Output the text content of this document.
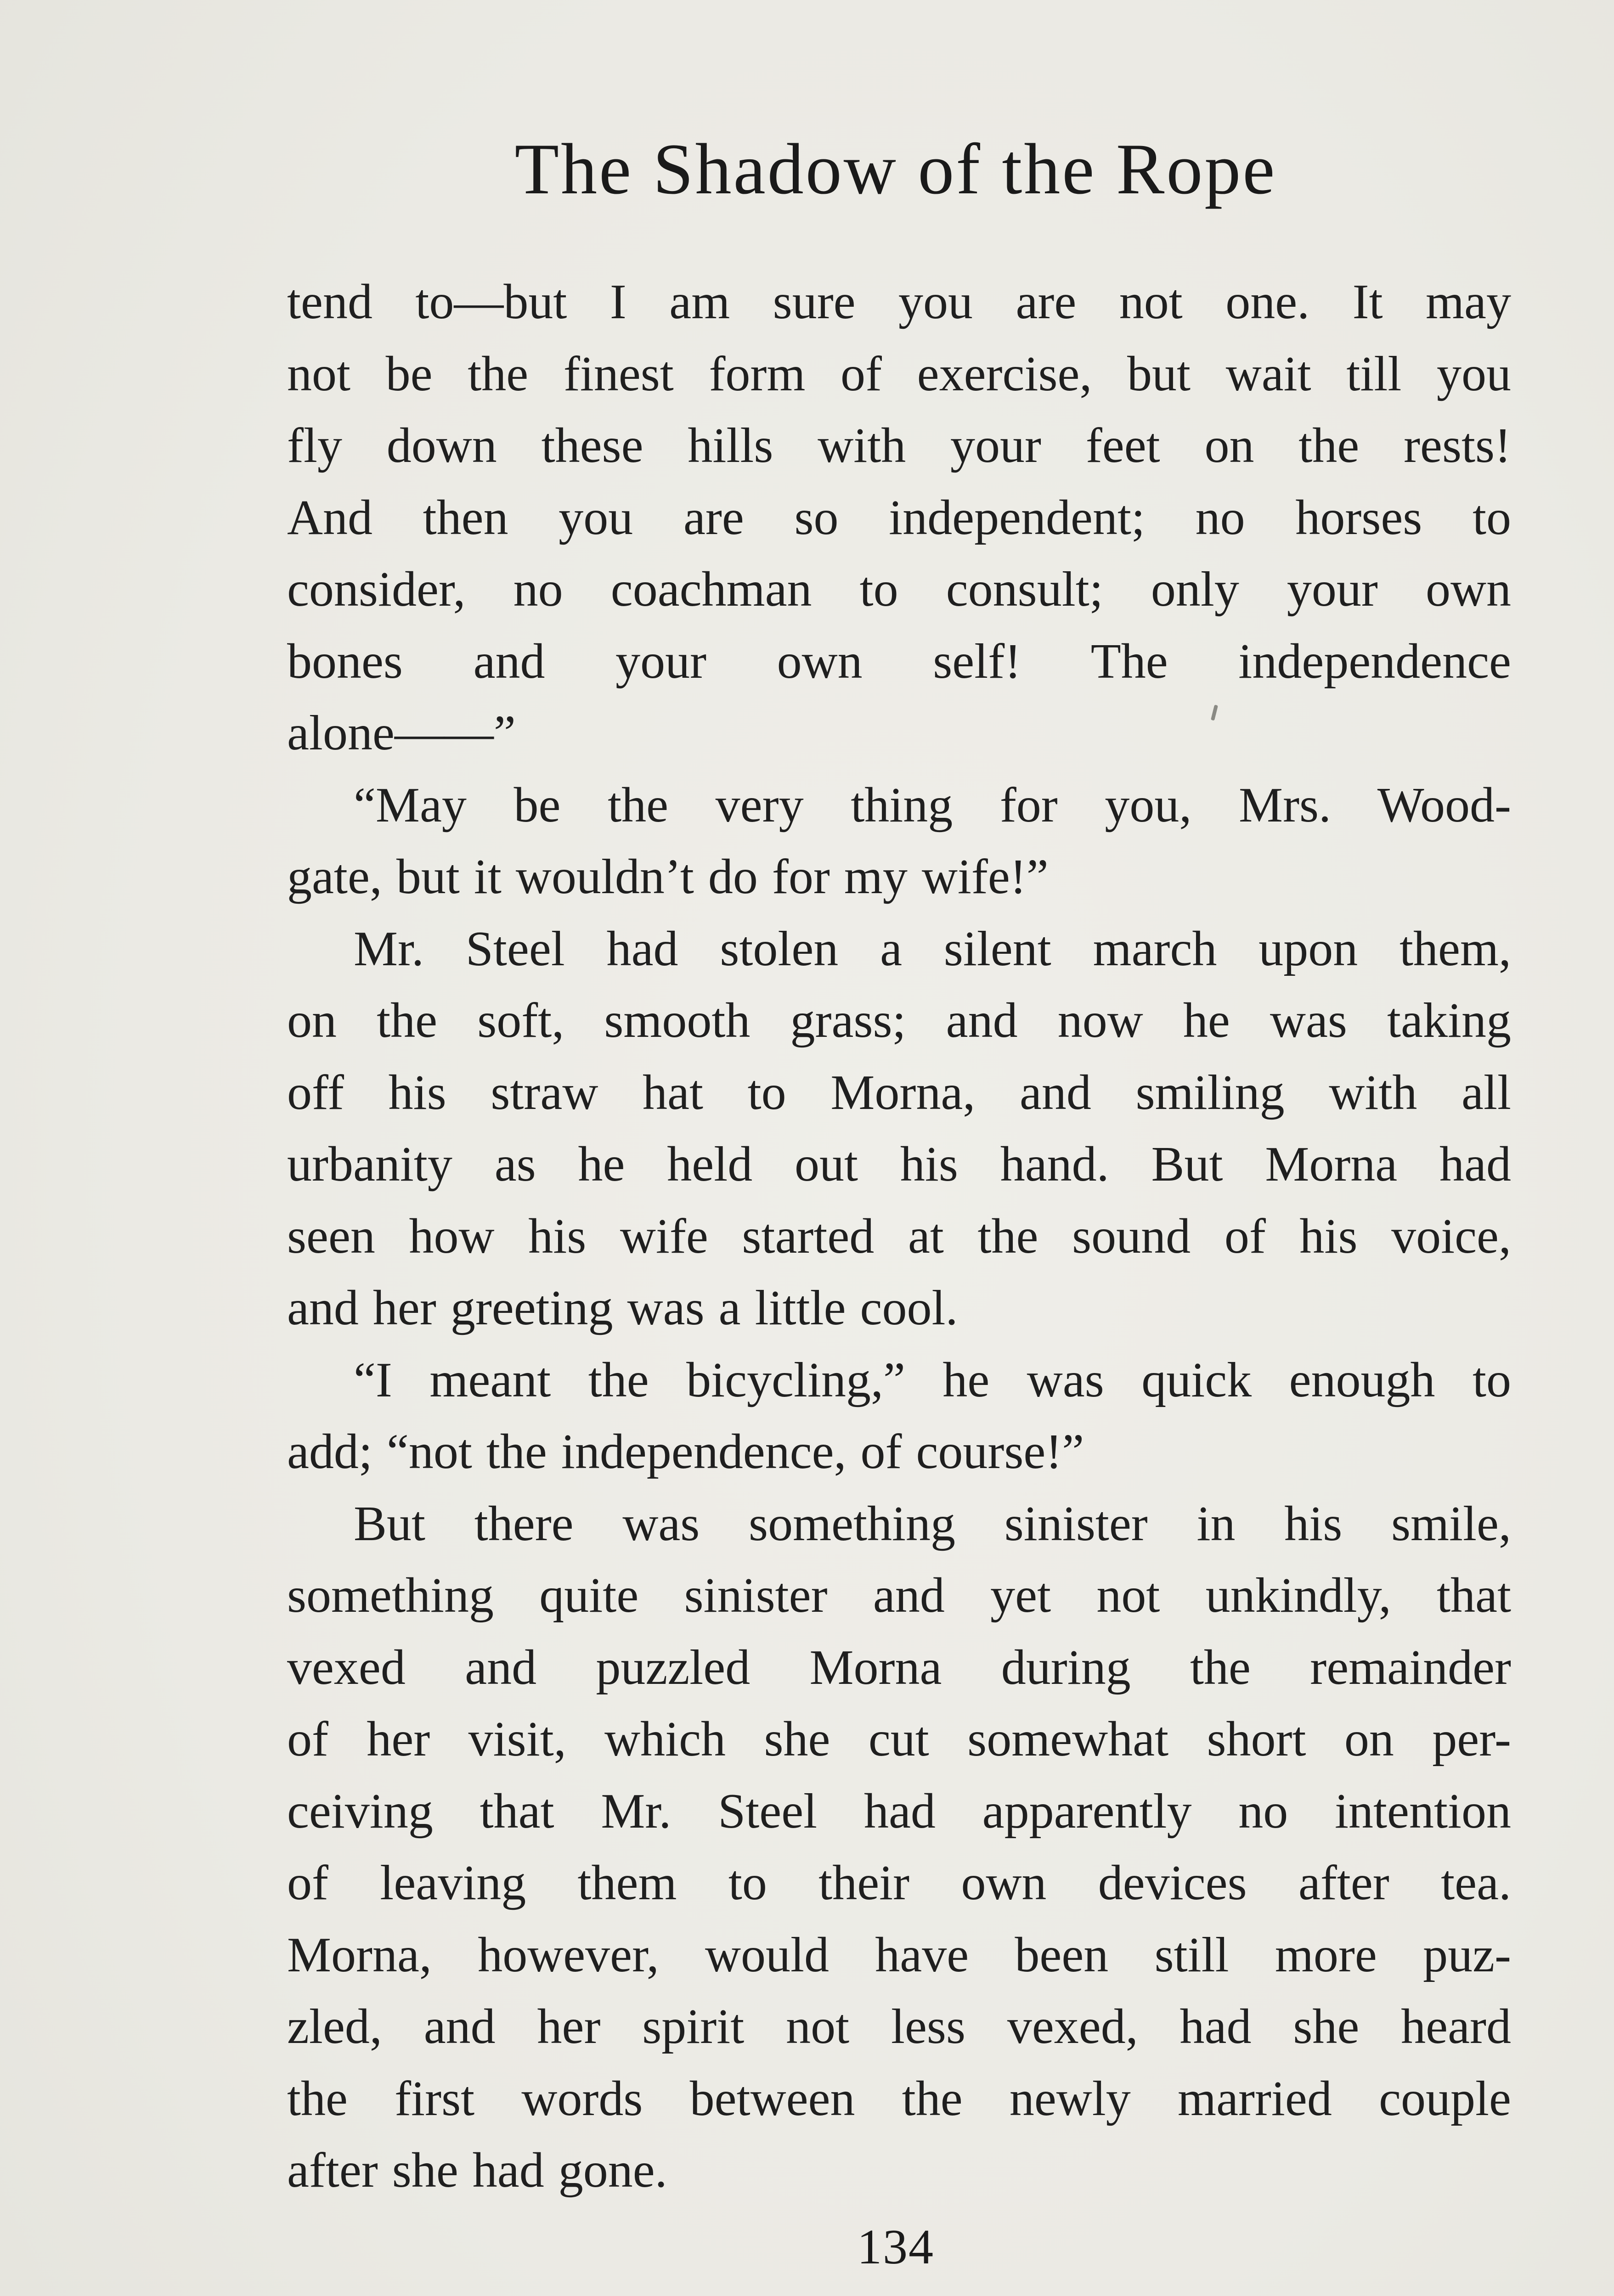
The Shadow of the Rope
tend to—but I am sure you are not one. It may
not be the finest form of exercise, but wait till you
fly down these hills with your feet on the rests!
And then you are so independent; no horses to
consider, no coachman to consult; only your own
bones and your own self! The independence
alone——”
“May be the very thing for you, Mrs. Wood-
gate, but it wouldn’t do for my wife!”
Mr. Steel had stolen a silent march upon them,
on the soft, smooth grass; and now he was taking
off his straw hat to Morna, and smiling with all
urbanity as he held out his hand. But Morna had
seen how his wife started at the sound of his voice,
and her greeting was a little cool.
“I meant the bicycling,” he was quick enough to
add; “not the independence, of course!”
But there was something sinister in his smile,
something quite sinister and yet not unkindly, that
vexed and puzzled Morna during the remainder
of her visit, which she cut somewhat short on per-
ceiving that Mr. Steel had apparently no intention
of leaving them to their own devices after tea.
Morna, however, would have been still more puz-
zled, and her spirit not less vexed, had she heard
the first words between the newly married couple
after she had gone.
134
